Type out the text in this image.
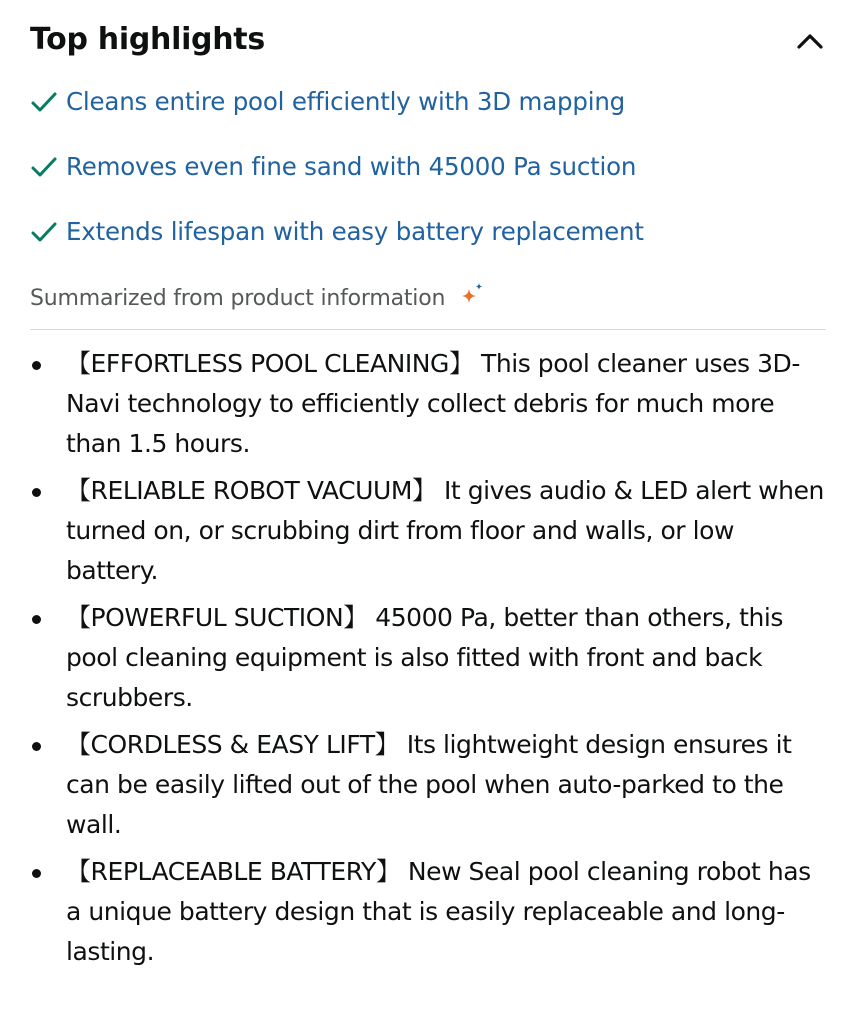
Top highlights
Cleans entire pool efficiently with 3D mapping
Removes even fine sand with 45000 Pa suction
Extends lifespan with easy battery replacement
Summarized from product information
【EFFORTLESS POOL CLEANING】 This pool cleaner uses 3D-Navi technology to efficiently collect debris for much more than 1.5 hours.
【RELIABLE ROBOT VACUUM】 It gives audio & LED alert when turned on, or scrubbing dirt from floor and walls, or low battery.
【POWERFUL SUCTION】 45000 Pa, better than others, this pool cleaning equipment is also fitted with front and back scrubbers.
【CORDLESS & EASY LIFT】 Its lightweight design ensures it can be easily lifted out of the pool when auto-parked to the wall.
【REPLACEABLE BATTERY】 New Seal pool cleaning robot has a unique battery design that is easily replaceable and long-lasting.
